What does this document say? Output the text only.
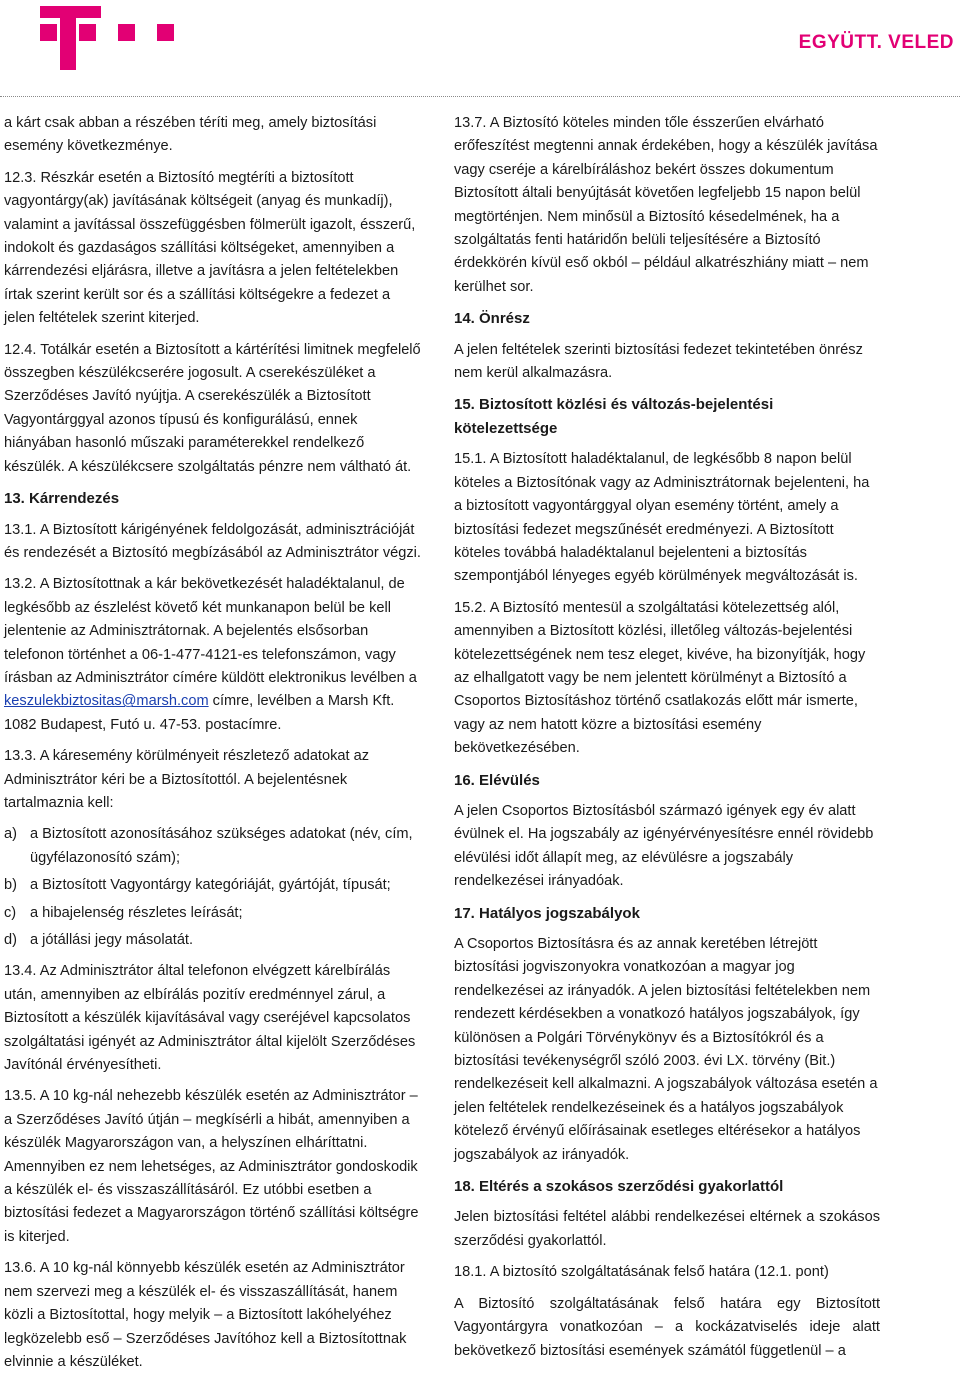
EGYÜTT. VELED

a kárt csak abban a részében téríti meg, amely biztosítási esemény következménye.

12.3. Részkár esetén a Biztosító megtéríti a biztosított vagyontárgy(ak) javításának költségeit (anyag és munkadíj), valamint a javítással összefüggésben fölmerült igazolt, ésszerű, indokolt és gazdaságos szállítási költségeket, amennyiben a kárrendezési eljárásra, illetve a javításra a jelen feltételekben írtak szerint került sor és a szállítási költségekre a fedezet a jelen feltételek szerint kiterjed.

12.4. Totálkár esetén a Biztosított a kártérítési limitnek megfelelő összegben készülékcserére jogosult. A cserekészüléket a Szerződéses Javító nyújtja. A cserekészülék a Biztosított Vagyontárggyal azonos típusú és konfigurálású, ennek hiányában hasonló műszaki paraméterekkel rendelkező készülék. A készülékcsere szolgáltatás pénzre nem váltható át.

13. Kárrendezés

13.1. A Biztosított kárigényének feldolgozását, adminisztrációját és rendezését a Biztosító megbízásából az Adminisztrátor végzi.

13.2. A Biztosítottnak a kár bekövetkezését haladéktalanul, de legkésőbb az észlelést követő két munkanapon belül be kell jelentenie az Adminisztrátornak. A bejelentés elsősorban telefonon történhet a 06-1-477-4121-es telefonszámon, vagy írásban az Adminisztrátor címére küldött elektronikus levélben a keszulekbiztositas@marsh.com címre, levélben a Marsh Kft. 1082 Budapest, Futó u. 47-53. postacímre.

13.3. A káresemény körülményeit részletező adatokat az Adminisztrátor kéri be a Biztosítottól. A bejelentésnek tartalmaznia kell:

a) a Biztosított azonosításához szükséges adatokat (név, cím, ügyfélazonosító szám);

b) a Biztosított Vagyontárgy kategóriáját, gyártóját, típusát;

c) a hibajelenség részletes leírását;

d) a jótállási jegy másolatát.

13.4. Az Adminisztrátor által telefonon elvégzett kárelbírálás után, amennyiben az elbírálás pozitív eredménnyel zárul, a Biztosított a készülék kijavításával vagy cseréjével kapcsolatos szolgáltatási igényét az Adminisztrátor által kijelölt Szerződéses Javítónál érvényesítheti.

13.5. A 10 kg-nál nehezebb készülék esetén az Adminisztrátor – a Szerződéses Javító útján – megkísérli a hibát, amennyiben a készülék Magyarországon van, a helyszínen elháríttatni. Amennyiben ez nem lehetséges, az Adminisztrátor gondoskodik a készülék el- és visszaszállításáról. Ez utóbbi esetben a biztosítási fedezet a Magyarországon történő szállítási költségre is kiterjed.

13.6. A 10 kg-nál könnyebb készülék esetén az Adminisztrátor nem szervezi meg a készülék el- és visszaszállítását, hanem közli a Biztosítottal, hogy melyik – a Biztosított lakóhelyéhez legközelebb eső – Szerződéses Javítóhoz kell a Biztosítottnak elvinnie a készüléket.

13.7. A Biztosító köteles minden tőle ésszerűen elvárható erőfeszítést megtenni annak érdekében, hogy a készülék javítása vagy cseréje a kárelbíráláshoz bekért összes dokumentum Biztosított általi benyújtását követően legfeljebb 15 napon belül megtörténjen. Nem minősül a Biztosító késedelmének, ha a szolgáltatás fenti határidőn belüli teljesítésére a Biztosító érdekkörén kívül eső okból – például alkatrészhiány miatt – nem kerülhet sor.

14. Önrész

A jelen feltételek szerinti biztosítási fedezet tekintetében önrész nem kerül alkalmazásra.

15. Biztosított közlési és változás-bejelentési kötelezettsége

15.1. A Biztosított haladéktalanul, de legkésőbb 8 napon belül köteles a Biztosítónak vagy az Adminisztrátornak bejelenteni, ha a biztosított vagyontárggyal olyan esemény történt, amely a biztosítási fedezet megszűnését eredményezi. A Biztosított köteles továbbá haladéktalanul bejelenteni a biztosítás szempontjából lényeges egyéb körülmények megváltozását is.

15.2. A Biztosító mentesül a szolgáltatási kötelezettség alól, amennyiben a Biztosított közlési, illetőleg változás-bejelentési kötelezettségének nem tesz eleget, kivéve, ha bizonyítják, hogy az elhallgatott vagy be nem jelentett körülményt a Biztosító a Csoportos Biztosításhoz történő csatlakozás előtt már ismerte, vagy az nem hatott közre a biztosítási esemény bekövetkezésében.

16. Elévülés

A jelen Csoportos Biztosításból származó igények egy év alatt évülnek el. Ha jogszabály az igényérvényesítésre ennél rövidebb elévülési időt állapít meg, az elévülésre a jogszabály rendelkezései irányadóak.

17. Hatályos jogszabályok

A Csoportos Biztosításra és az annak keretében létrejött biztosítási jogviszonyokra vonatkozóan a magyar jog rendelkezései az irányadók. A jelen biztosítási feltételekben nem rendezett kérdésekben a vonatkozó hatályos jogszabályok, így különösen a Polgári Törvénykönyv és a Biztosítókról és a biztosítási tevékenységről szóló 2003. évi LX. törvény (Bit.) rendelkezéseit kell alkalmazni. A jogszabályok változása esetén a jelen feltételek rendelkezéseinek és a hatályos jogszabályok kötelező érvényű előírásainak esetleges eltérésekor a hatályos jogszabályok az irányadók.

18. Eltérés a szokásos szerződési gyakorlattól

Jelen biztosítási feltétel alábbi rendelkezései eltérnek a szokásos szerződési gyakorlattól.

18.1. A biztosító szolgáltatásának felső határa (12.1. pont)

A Biztosító szolgáltatásának felső határa egy Biztosított Vagyontárgyra vonatkozóan – a kockázatviselés ideje alatt bekövetkező biztosítási események számától függetlenül – a
